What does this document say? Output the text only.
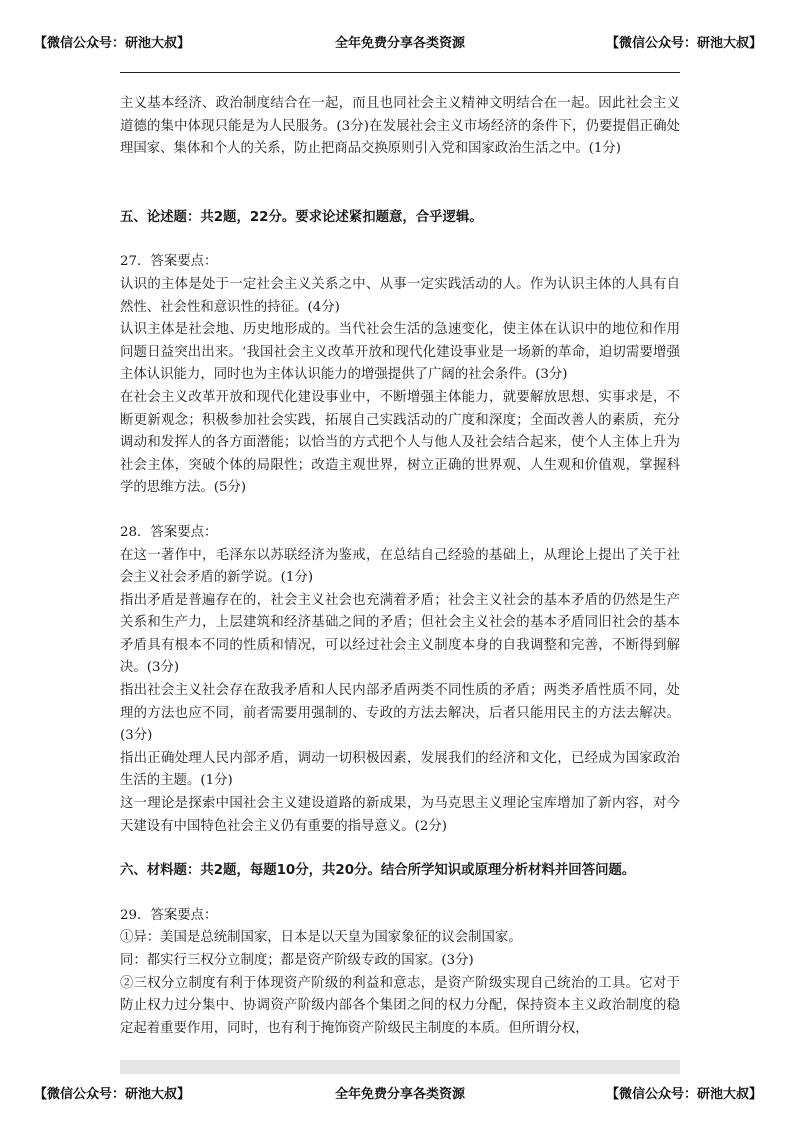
【微信公众号：研池大叔】	全年免费分享各类资源	【微信公众号：研池大叔】

主义基本经济、政治制度结合在一起，而且也同社会主义精神文明结合在一起。因此社会主义道德的集中体现只能是为人民服务。(3分)在发展社会主义市场经济的条件下，仍要提倡正确处理国家、集体和个人的关系，防止把商品交换原则引入党和国家政治生活之中。(1分)

五、论述题：共2题，22分。要求论述紧扣题意，合乎逻辑。

27．答案要点：

认识的主体是处于一定社会主义关系之中、从事一定实践活动的人。作为认识主体的人具有自然性、社会性和意识性的持征。(4分)

认识主体是社会地、历史地形成的。当代社会生活的急速变化，使主体在认识中的地位和作用问题日益突出出来。‘我国社会主义改革开放和现代化建设事业是一场新的革命，迫切需要增强主体认识能力，同时也为主体认识能力的增强提供了广阔的社会条件。(3分)

在社会主义改革开放和现代化建设事业中，不断增强主体能力，就要解放思想、实事求是，不断更新观念；积极参加社会实践，拓展自己实践活动的广度和深度；全面改善人的素质，充分调动和发挥人的各方面潜能；以恰当的方式把个人与他人及社会结合起来，使个人主体上升为社会主体，突破个体的局限性；改造主观世界，树立正确的世界观、人生观和价值观，掌握科学的思维方法。(5分)

28．答案要点：

在这一著作中，毛泽东以苏联经济为鉴戒，在总结自己经验的基础上，从理论上提出了关于社会主义社会矛盾的新学说。(1分)

指出矛盾是普遍存在的，社会主义社会也充满着矛盾；社会主义社会的基本矛盾的仍然是生产关系和生产力，上层建筑和经济基础之间的矛盾；但社会主义社会的基本矛盾同旧社会的基本矛盾具有根本不同的性质和情况，可以经过社会主义制度本身的自我调整和完善，不断得到解决。(3分)

指出社会主义社会存在敌我矛盾和人民内部矛盾两类不同性质的矛盾；两类矛盾性质不同，处理的方法也应不同，前者需要用强制的、专政的方法去解决，后者只能用民主的方法去解决。(3分)

指出正确处理人民内部矛盾，调动一切积极因素，发展我们的经济和文化，已经成为国家政治生活的主题。(1分)

这一理论是探索中国社会主义建设道路的新成果，为马克思主义理论宝库增加了新内容，对今天建设有中国特色社会主义仍有重要的指导意义。(2分)

六、材料题：共2题，每题10分，共20分。结合所学知识或原理分析材料并回答问题。

29．答案要点：

①异：美国是总统制国家，日本是以天皇为国家象征的议会制国家。

同：都实行三权分立制度；都是资产阶级专政的国家。(3分)

②三权分立制度有利于体现资产阶级的利益和意志，是资产阶级实现自己统治的工具。它对于防止权力过分集中、协调资产阶级内部各个集团之间的权力分配，保持资本主义政治制度的稳定起着重要作用，同时，也有利于掩饰资产阶级民主制度的本质。但所谓分权，

【微信公众号：研池大叔】	全年免费分享各类资源	【微信公众号：研池大叔】
